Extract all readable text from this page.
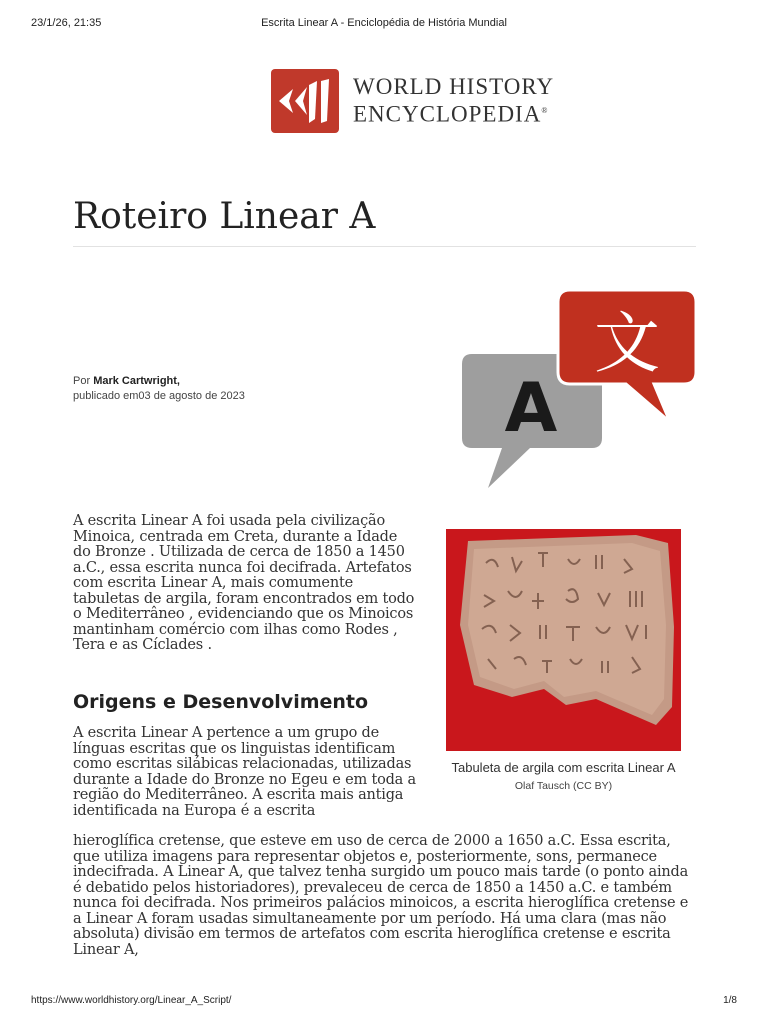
23/1/26, 21:35	Escrita Linear A - Enciclopédia de História Mundial
WORLD HISTORY
ENCYCLOPEDIA®
Roteiro Linear A
Por Mark Cartwright,
publicado em03 de agosto de 2023	A
文

A escrita Linear A foi usada pela civilização Minoica, centrada em Creta, durante a Idade do Bronze . Utilizada de cerca de 1850 a 1450 a.C., essa escrita nunca foi decifrada. Artefatos com escrita Linear A, mais comumente tabuletas de argila, foram encontrados em todo o Mediterrâneo , evidenciando que os Minoicos mantinham comércio com ilhas como Rodes , Tera e as Cíclades .

Tabuleta de argila com escrita Linear A
Olaf Tausch (CC BY)
Origens e Desenvolvimento

A escrita Linear A pertence a um grupo de línguas escritas que os linguistas identificam como escritas silábicas relacionadas, utilizadas durante a Idade do Bronze no Egeu e em toda a região do Mediterrâneo. A escrita mais antiga identificada na Europa é a escrita

hieroglífica cretense, que esteve em uso de cerca de 2000 a 1650 a.C. Essa escrita, que utiliza imagens para representar objetos e, posteriormente, sons, permanece indecifrada. A Linear A, que talvez tenha surgido um pouco mais tarde (o ponto ainda é debatido pelos historiadores), prevaleceu de cerca de 1850 a 1450 a.C. e também nunca foi decifrada. Nos primeiros palácios minoicos, a escrita hieroglífica cretense e a Linear A foram usadas simultaneamente por um período. Há uma clara (mas não absoluta) divisão em termos de artefatos com escrita hieroglífica cretense e escrita Linear A,

https://www.worldhistory.org/Linear_A_Script/	1/8
